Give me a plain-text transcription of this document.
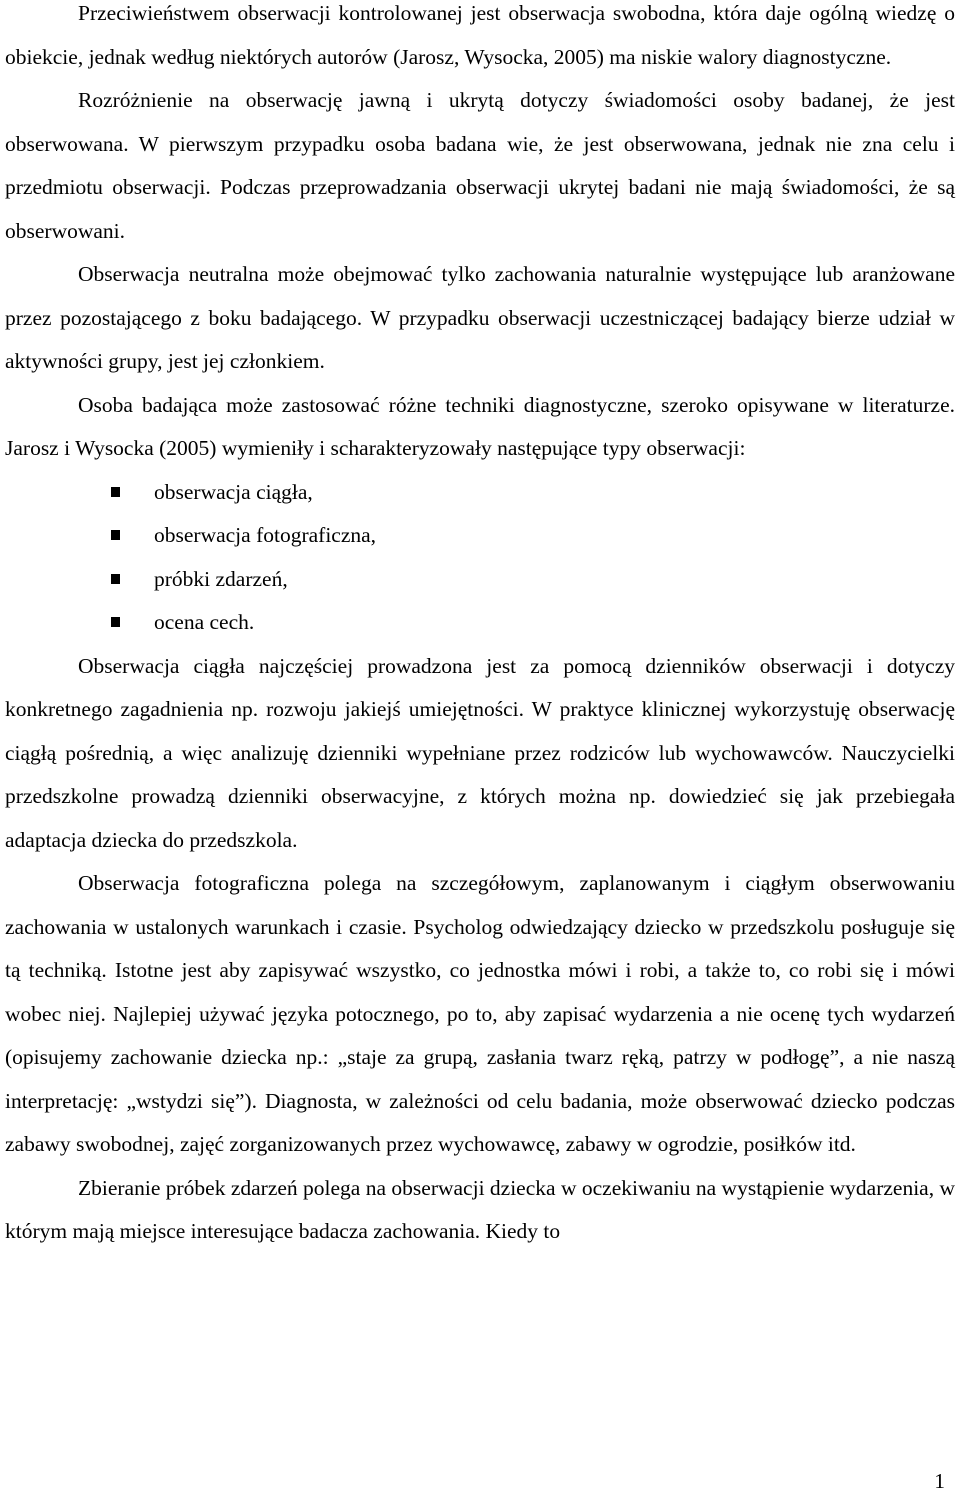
Przeciwieństwem obserwacji kontrolowanej jest obserwacja swobodna, która daje ogólną wiedzę o obiekcie, jednak według niektórych autorów (Jarosz, Wysocka, 2005) ma niskie walory diagnostyczne.

Rozróżnienie na obserwację jawną i ukrytą dotyczy świadomości osoby badanej, że jest obserwowana. W pierwszym przypadku osoba badana wie, że jest obserwowana, jednak nie zna celu i przedmiotu obserwacji. Podczas przeprowadzania obserwacji ukrytej badani nie mają świadomości, że są obserwowani.

Obserwacja neutralna może obejmować tylko zachowania naturalnie występujące lub aranżowane przez pozostającego z boku badającego. W przypadku obserwacji uczestniczącej badający bierze udział w aktywności grupy, jest jej członkiem.

Osoba badająca może zastosować różne techniki diagnostyczne, szeroko opisywane w literaturze. Jarosz i Wysocka (2005) wymieniły i scharakteryzowały następujące typy obserwacji:

obserwacja ciągła,
obserwacja fotograficzna,
próbki zdarzeń,
ocena cech.

Obserwacja ciągła najczęściej prowadzona jest za pomocą dzienników obserwacji i dotyczy konkretnego zagadnienia np. rozwoju jakiejś umiejętności. W praktyce klinicznej wykorzystuję obserwację ciągłą pośrednią, a więc analizuję dzienniki wypełniane przez rodziców lub wychowawców. Nauczycielki przedszkolne prowadzą dzienniki obserwacyjne, z których można np. dowiedzieć się jak przebiegała adaptacja dziecka do przedszkola.

Obserwacja fotograficzna polega na szczegółowym, zaplanowanym i ciągłym obserwowaniu zachowania w ustalonych warunkach i czasie. Psycholog odwiedzający dziecko w przedszkolu posługuje się tą techniką. Istotne jest aby zapisywać wszystko, co jednostka mówi i robi, a także to, co robi się i mówi wobec niej. Najlepiej używać języka potocznego, po to, aby zapisać wydarzenia a nie ocenę tych wydarzeń (opisujemy zachowanie dziecka np.: „staje za grupą, zasłania twarz ręką, patrzy w podłogę”, a nie naszą interpretację: „wstydzi się”). Diagnosta, w zależności od celu badania, może obserwować dziecko podczas zabawy swobodnej, zajęć zorganizowanych przez wychowawcę, zabawy w ogrodzie, posiłków itd.

Zbieranie próbek zdarzeń polega na obserwacji dziecka w oczekiwaniu na wystąpienie wydarzenia, w którym mają miejsce interesujące badacza zachowania. Kiedy to

1
